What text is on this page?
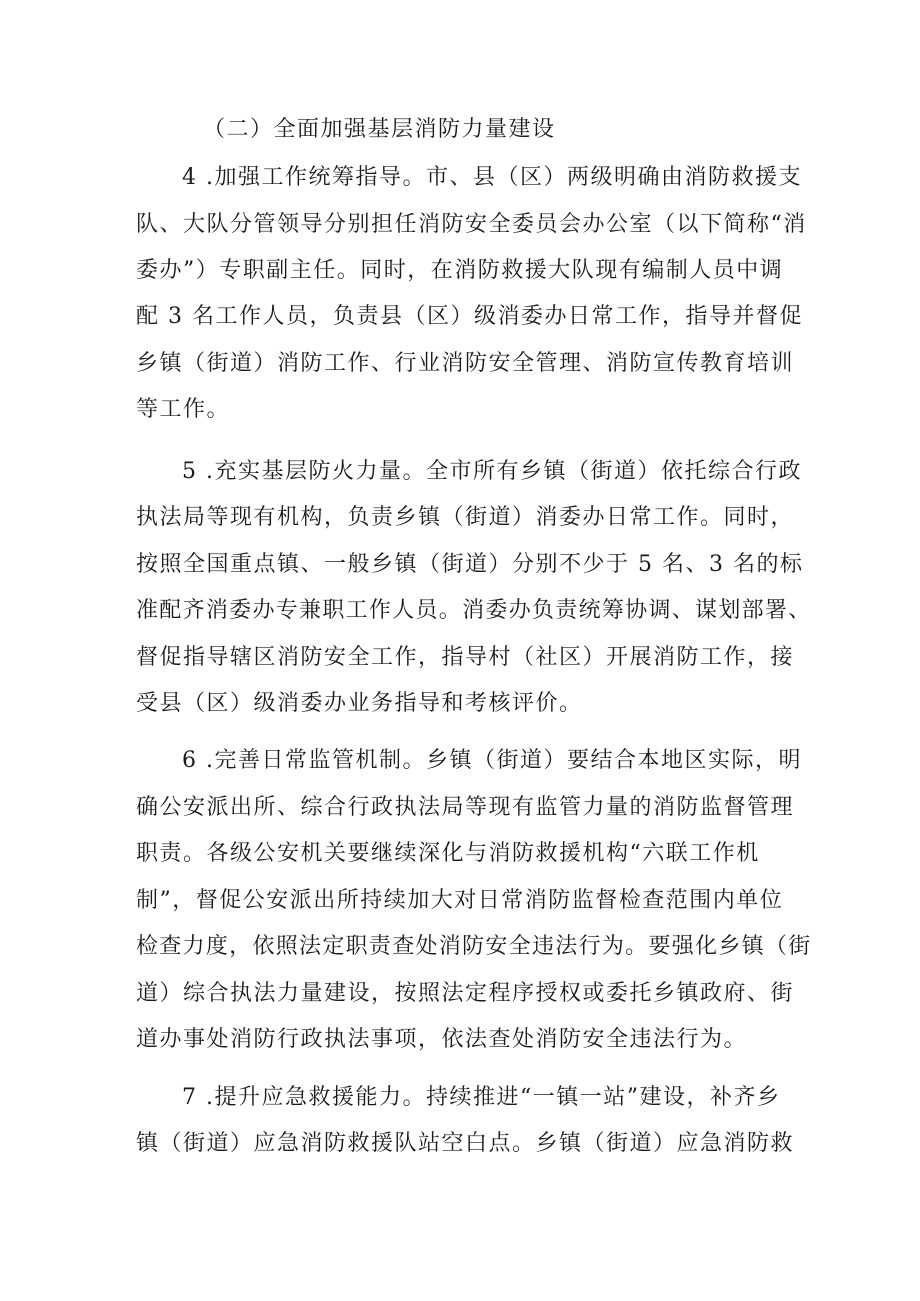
（二）全面加强基层消防力量建设
4 .加强工作统筹指导。市、县（区）两级明确由消防救援支
队、大队分管领导分别担任消防安全委员会办公室（以下简称“消
委办”）专职副主任。同时，在消防救援大队现有编制人员中调
配 3 名工作人员，负责县（区）级消委办日常工作，指导并督促
乡镇（街道）消防工作、行业消防安全管理、消防宣传教育培训
等工作。
5 .充实基层防火力量。全市所有乡镇（街道）依托综合行政
执法局等现有机构，负责乡镇（街道）消委办日常工作。同时，
按照全国重点镇、一般乡镇（街道）分别不少于 5 名、3 名的标
准配齐消委办专兼职工作人员。消委办负责统筹协调、谋划部署、
督促指导辖区消防安全工作，指导村（社区）开展消防工作，接
受县（区）级消委办业务指导和考核评价。
6 .完善日常监管机制。乡镇（街道）要结合本地区实际，明
确公安派出所、综合行政执法局等现有监管力量的消防监督管理
职责。各级公安机关要继续深化与消防救援机构“六联工作机
制”，督促公安派出所持续加大对日常消防监督检查范围内单位
检查力度，依照法定职责查处消防安全违法行为。要强化乡镇（街
道）综合执法力量建设，按照法定程序授权或委托乡镇政府、街
道办事处消防行政执法事项，依法查处消防安全违法行为。
7 .提升应急救援能力。持续推进“一镇一站”建设，补齐乡
镇（街道）应急消防救援队站空白点。乡镇（街道）应急消防救
